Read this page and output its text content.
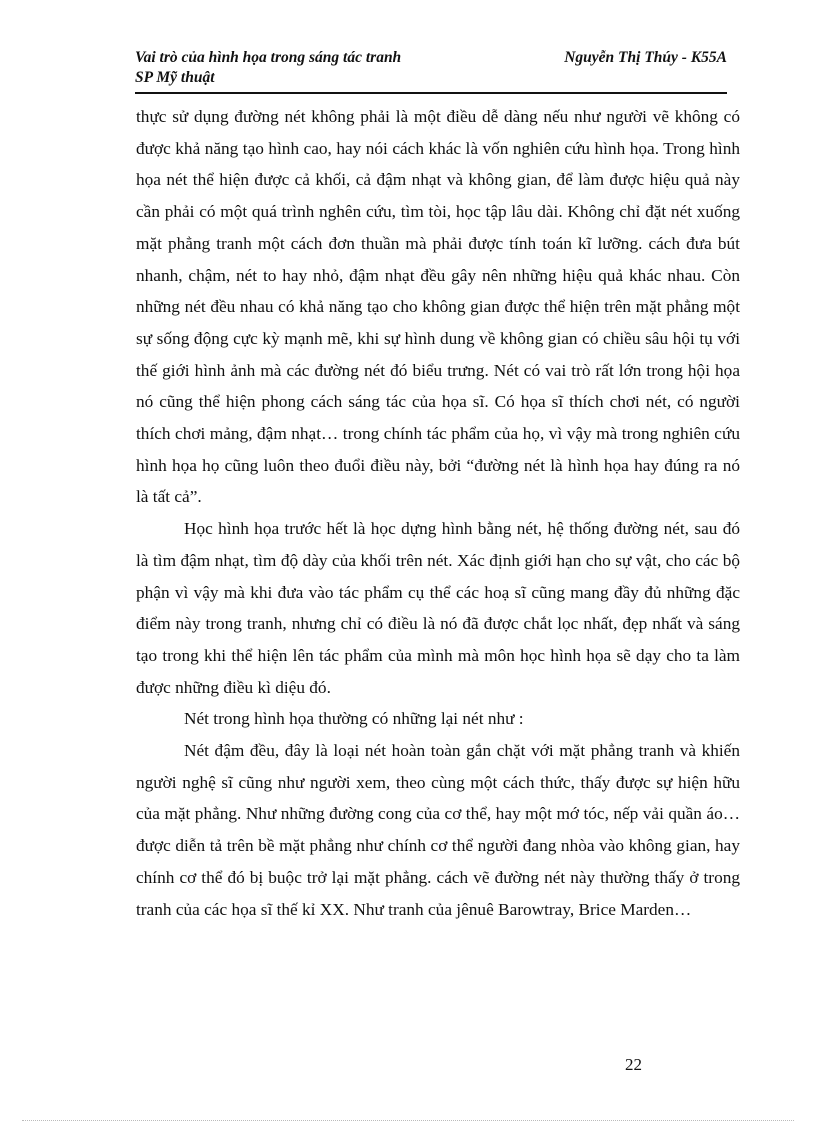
Vai trò của hình họa trong sáng tác tranh
SP Mỹ thuật
Nguyễn Thị Thúy - K55A

thực sử dụng đường nét không phải là một điều dễ dàng nếu như người vẽ không có được khả năng tạo hình cao, hay nói cách khác là vốn nghiên cứu hình họa. Trong hình họa nét thể hiện được cả khối, cả đậm nhạt và không gian, để làm được hiệu quả này cần phải có một quá trình nghên cứu, tìm tòi, học tập lâu dài. Không chỉ đặt nét xuống mặt phẳng tranh một cách đơn thuần mà phải được tính toán kĩ lưỡng. cách đưa bút nhanh, chậm, nét to hay nhỏ, đậm nhạt đều gây nên những hiệu quả khác nhau. Còn những nét đều nhau có khả năng tạo cho không gian được thể hiện trên mặt phẳng một sự sống động cực kỳ mạnh mẽ, khi sự hình dung về không gian có chiều sâu hội tụ với thế giới hình ảnh mà các đường nét đó biểu trưng. Nét có vai trò rất lớn trong hội họa nó cũng thể hiện phong cách sáng tác của họa sĩ. Có họa sĩ thích chơi nét, có người thích chơi mảng, đậm nhạt… trong chính tác phẩm của họ, vì vậy mà trong nghiên cứu hình họa họ cũng luôn theo đuổi điều này, bởi “đường nét là hình họa hay đúng ra nó là tất cả”.

Học hình họa trước hết là học dựng hình bằng nét, hệ thống đường nét, sau đó là tìm đậm nhạt, tìm độ dày của khối trên nét. Xác định giới hạn cho sự vật, cho các bộ phận vì vậy mà khi đưa vào tác phẩm cụ thể các hoạ sĩ cũng mang đầy đủ những đặc điểm này trong tranh, nhưng chỉ có điều là nó đã được chắt lọc nhất, đẹp nhất và sáng tạo trong khi thể hiện lên tác phẩm của mình mà môn học hình họa sẽ dạy cho ta làm được những điều kì diệu đó.

Nét trong hình họa thường có những lại nét như :

Nét đậm đều, đây là loại nét hoàn toàn gắn chặt với mặt phẳng tranh và khiến người nghệ sĩ cũng như người xem, theo cùng một cách thức, thấy được sự hiện hữu của mặt phẳng. Như những đường cong của cơ thể, hay một mớ tóc, nếp vải quần áo… được diễn tả trên bề mặt phẳng như chính cơ thể người đang nhòa vào không gian, hay chính cơ thể đó bị buộc trở lại mặt phẳng. cách vẽ đường nét này thường thấy ở trong tranh của các họa sĩ thế kỉ XX. Như tranh của jênuê Barowtray, Brice Marden…

22
